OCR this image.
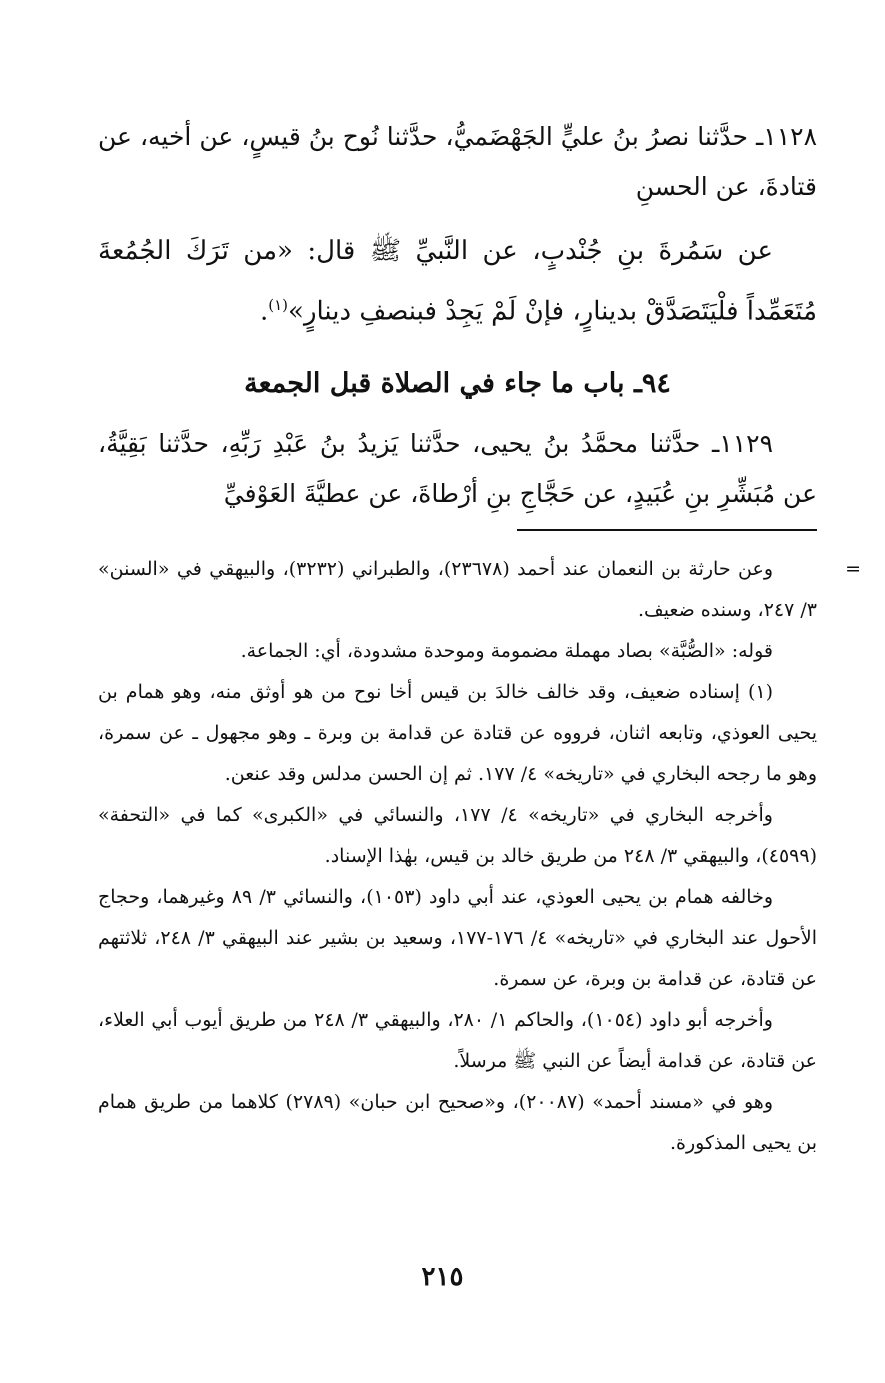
١١٢٨ـ حدَّثنا نصرُ بنُ عليٍّ الجَهْضَميُّ، حدَّثنا نُوح بنُ قيسٍ، عن أخيه، عن قتادةَ، عن الحسنِ

عن سَمُرةَ بنِ جُنْدبٍ، عن النَّبيِّ ﷺ قال: «من تَرَكَ الجُمُعةَ مُتَعَمِّداً فلْيَتَصَدَّقْ بدينارٍ، فإنْ لَمْ يَجِدْ فبنصفِ دينارٍ»$^{(١)}$.

٩٤ـ باب ما جاء في الصلاة قبل الجمعة

١١٢٩ـ حدَّثنا محمَّدُ بنُ يحيى، حدَّثنا يَزيدُ بنُ عَبْدِ رَبِّهِ، حدَّثنا بَقِيَّةُ، عن مُبَشِّرِ بنِ عُبَيدٍ، عن حَجَّاجِ بنِ أرْطاةَ، عن عطيَّةَ العَوْفيِّ

=
وعن حارثة بن النعمان عند أحمد (٢٣٦٧٨)، والطبراني (٣٢٣٢)، والبيهقي في «السنن» ٣/ ٢٤٧، وسنده ضعيف.

قوله: «الصُّبَّة» بصاد مهملة مضمومة وموحدة مشدودة، أي: الجماعة.

(١) إسناده ضعيف، وقد خالف خالدَ بن قيس أخا نوح من هو أوثق منه، وهو همام بن يحيى العوذي، وتابعه اثنان، فرووه عن قتادة عن قدامة بن وبرة ـ وهو مجهول ـ عن سمرة، وهو ما رجحه البخاري في «تاريخه» ٤/ ١٧٧. ثم إن الحسن مدلس وقد عنعن.

وأخرجه البخاري في «تاريخه» ٤/ ١٧٧، والنسائي في «الكبرى» كما في «التحفة» (٤٥٩٩)، والبيهقي ٣/ ٢٤٨ من طريق خالد بن قيس، بهٰذا الإسناد.

وخالفه همام بن يحيى العوذي، عند أبي داود (١٠٥٣)، والنسائي ٣/ ٨٩ وغيرهما، وحجاج الأحول عند البخاري في «تاريخه» ٤/ ١٧٦-١٧٧، وسعيد بن بشير عند البيهقي ٣/ ٢٤٨، ثلاثتهم عن قتادة، عن قدامة بن وبرة، عن سمرة.

وأخرجه أبو داود (١٠٥٤)، والحاكم ١/ ٢٨٠، والبيهقي ٣/ ٢٤٨ من طريق أيوب أبي العلاء، عن قتادة، عن قدامة أيضاً عن النبي ﷺ مرسلاً.

وهو في «مسند أحمد» (٢٠٠٨٧)، و«صحيح ابن حبان» (٢٧٨٩) كلاهما من طريق همام بن يحيى المذكورة.

٢١٥
